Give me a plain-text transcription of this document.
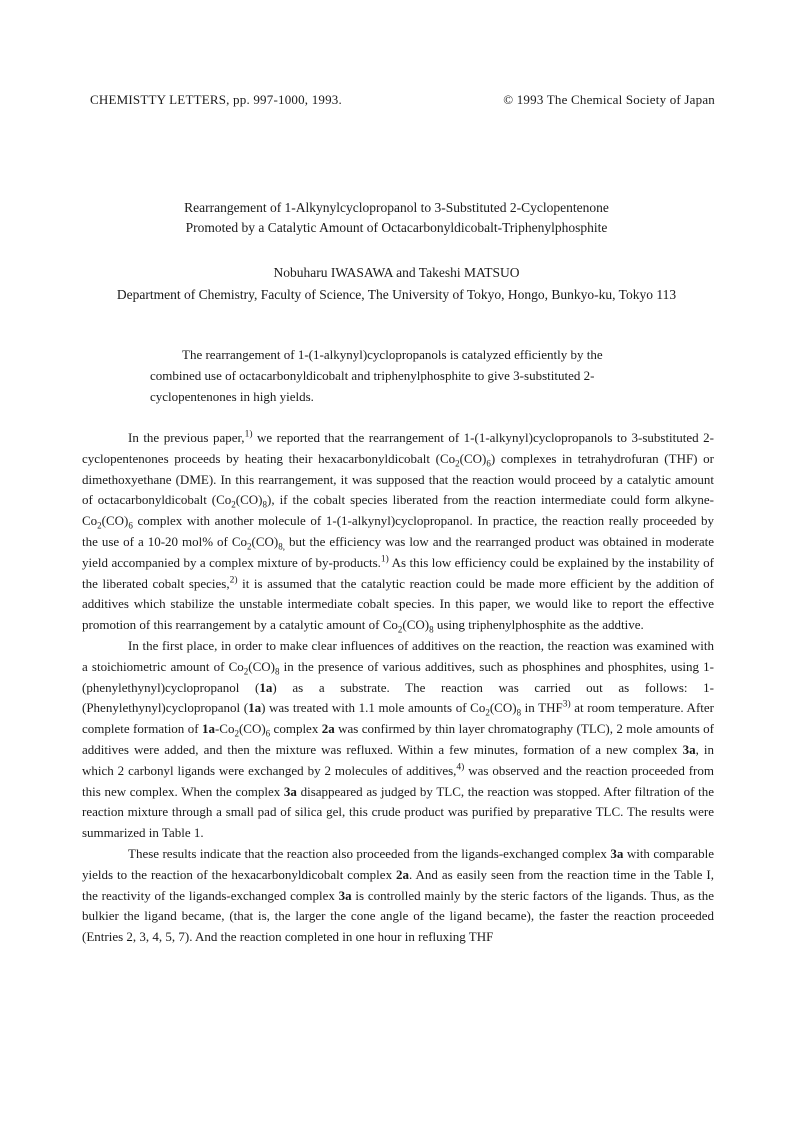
CHEMISTTY LETTERS, pp. 997-1000, 1993.	© 1993 The Chemical Society of Japan
Rearrangement of 1-Alkynylcyclopropanol to 3-Substituted 2-Cyclopentenone
Promoted by a Catalytic Amount of Octacarbonyldicobalt-Triphenylphosphite
Nobuharu IWASAWA and Takeshi MATSUO
Department of Chemistry, Faculty of Science, The University of Tokyo, Hongo, Bunkyo-ku, Tokyo 113

The rearrangement of 1-(1-alkynyl)cyclopropanols is catalyzed efficiently by the combined use of octacarbonyldicobalt and triphenylphosphite to give 3-substituted 2-cyclopentenones in high yields.

In the previous paper,$^{1)}$ we reported that the rearrangement of 1-(1-alkynyl)cyclopropanols to 3-substituted 2-cyclopentenones proceeds by heating their hexacarbonyldicobalt $(Co_2(CO)_6)$ complexes in tetrahydrofuran (THF) or dimethoxyethane (DME). In this rearrangement, it was supposed that the reaction would proceed by a catalytic amount of octacarbonyldicobalt $(Co_2(CO)_8)$, if the cobalt species liberated from the reaction intermediate could form alkyne-$Co_2(CO)_6$ complex with another molecule of 1-(1-alkynyl)cyclopropanol. In practice, the reaction really proceeded by the use of a 10-20 mol% of $Co_2(CO)_{8,}$ but the efficiency was low and the rearranged product was obtained in moderate yield accompanied by a complex mixture of by-products.$^{1)}$ As this low efficiency could be explained by the instability of the liberated cobalt species,$^{2)}$ it is assumed that the catalytic reaction could be made more efficient by the addition of additives which stabilize the unstable intermediate cobalt species. In this paper, we would like to report the effective promotion of this rearrangement by a catalytic amount of $Co_2(CO)_8$ using triphenylphosphite as the addtive.

In the first place, in order to make clear influences of additives on the reaction, the reaction was examined with a stoichiometric amount of $Co_2(CO)_8$ in the presence of various additives, such as phosphines and phosphites, using 1-(phenylethynyl)cyclopropanol (1a) as a substrate. The reaction was carried out as follows: 1-(Phenylethynyl)cyclopropanol (1a) was treated with 1.1 mole amounts of $Co_2(CO)_8$ in THF$^{3)}$ at room temperature. After complete formation of $1a-Co_2(CO)_6$ complex 2a was confirmed by thin layer chromatography (TLC), 2 mole amounts of additives were added, and then the mixture was refluxed. Within a few minutes, formation of a new complex 3a, in which 2 carbonyl ligands were exchanged by 2 molecules of additives,$^{4)}$ was observed and the reaction proceeded from this new complex. When the complex 3a disappeared as judged by TLC, the reaction was stopped. After filtration of the reaction mixture through a small pad of silica gel, this crude product was purified by preparative TLC. The results were summarized in Table 1.

These results indicate that the reaction also proceeded from the ligands-exchanged complex 3a with comparable yields to the reaction of the hexacarbonyldicobalt complex 2a. And as easily seen from the reaction time in the Table I, the reactivity of the ligands-exchanged complex 3a is controlled mainly by the steric factors of the ligands. Thus, as the bulkier the ligand became, (that is, the larger the cone angle of the ligand became), the faster the reaction proceeded (Entries 2, 3, 4, 5, 7). And the reaction completed in one hour in refluxing THF
